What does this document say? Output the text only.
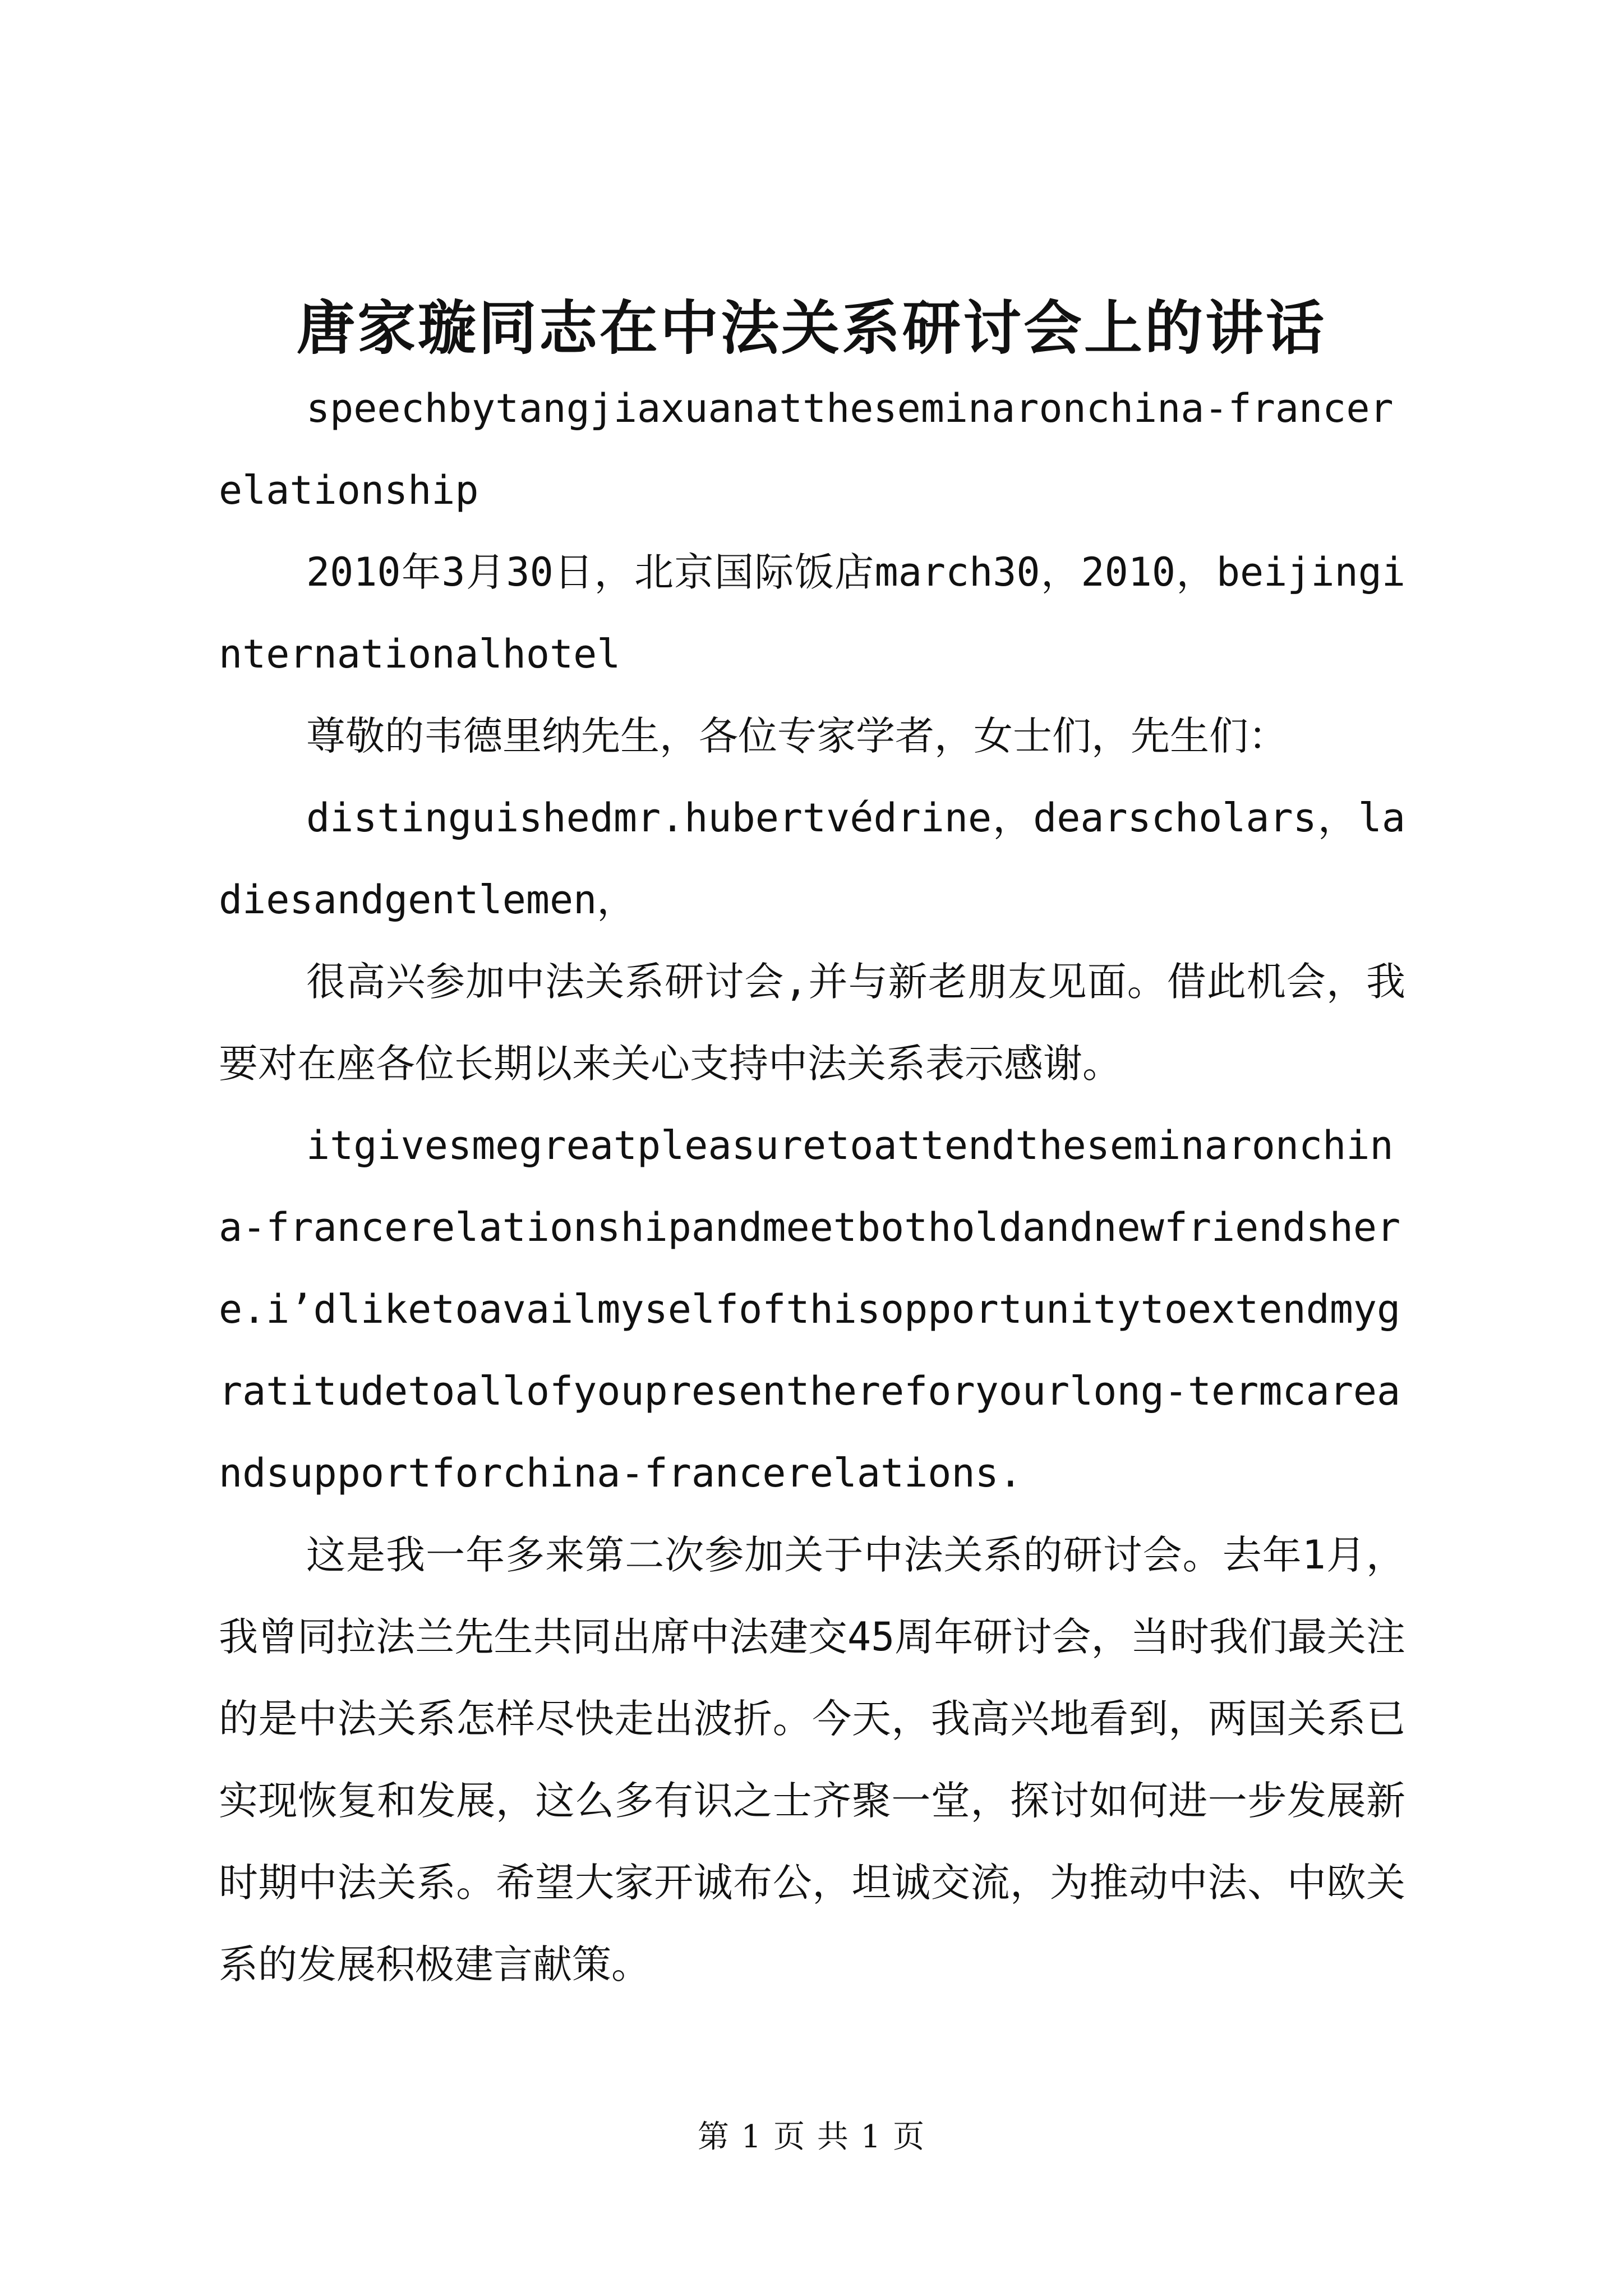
唐家璇同志在中法关系研讨会上的讲话

speechbytangjiaxuanattheseminaronchina-francerelationship

2010年3月30日，北京国际饭店march30，2010，beijinginternationalhotel

尊敬的韦德里纳先生，各位专家学者，女士们，先生们：

distinguishedmr.hubertvédrine，dearscholars，ladiesandgentlemen，

很高兴参加中法关系研讨会,并与新老朋友见面。借此机会，我要对在座各位长期以来关心支持中法关系表示感谢。

itgivesmegreatpleasuretoattendtheseminaronchina-francerelationshipandmeetbotholdandnewfriendshere.i’dliketoavailmyselfofthisopportunitytoextendmygratitudetoallofyoupresenthereforyourlong-termcareandsupportforchina-francerelations.

这是我一年多来第二次参加关于中法关系的研讨会。去年1月，我曾同拉法兰先生共同出席中法建交45周年研讨会，当时我们最关注的是中法关系怎样尽快走出波折。今天，我高兴地看到，两国关系已实现恢复和发展，这么多有识之士齐聚一堂，探讨如何进一步发展新时期中法关系。希望大家开诚布公，坦诚交流，为推动中法、中欧关系的发展积极建言献策。

第 1 页 共 1 页
